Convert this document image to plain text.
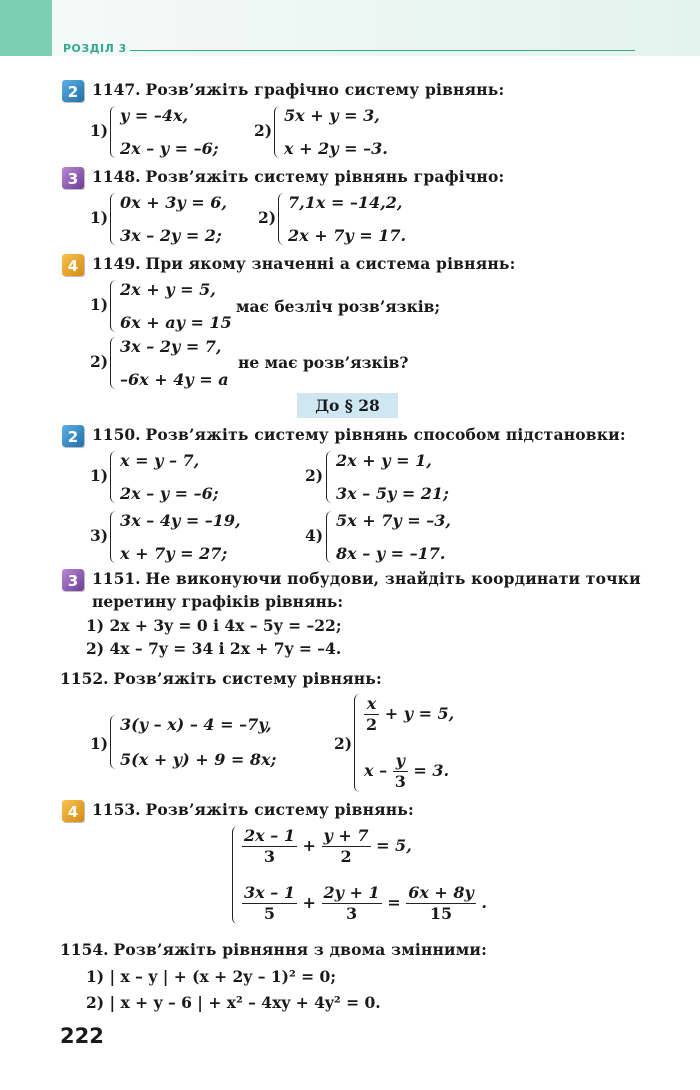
РОЗДІЛ 3
2 1147. Розв’яжіть графічно систему рівнянь:
1)
y = –4x,
2x – y = –6;
2)
5x + y = 3,
x + 2y = –3.
3 1148. Розв’яжіть систему рівнянь графічно:
1)
0x + 3y = 6,
3x – 2y = 2;
2)
7,1x = –14,2,
2x + 7y = 17.
4 1149. При якому значенні a система рівнянь:
1)
2x + y = 5,
6x + ay = 15
має безліч розв’язків;
2)
3x – 2y = 7,
–6x + 4y = a
не має розв’язків?
До § 28
2 1150. Розв’яжіть систему рівнянь способом підстановки:
1)
x = y – 7,
2x – y = –6;
2)
2x + y = 1,
3x – 5y = 21;
3)
3x – 4y = –19,
x + 7y = 27;
4)
5x + 7y = –3,
8x – y = –17.
3 1151. Не виконуючи побудови, знайдіть координати точки
перетину графіків рівнянь:
1) 2x + 3y = 0 і 4x – 5y = –22;
2) 4x – 7y = 34 і 2x + 7y = –4.
1152. Розв’яжіть систему рівнянь:
1)
3(y – x) – 4 = –7y,
5(x + y) + 9 = 8x;
2)
$\frac{x}{2} + y = 5$,
$x - \frac{y}{3} = 3$.
4 1153. Розв’яжіть систему рівнянь:
$\frac{2x - 1}{3} + \frac{y + 7}{2} = 5$,
$\frac{3x - 1}{5} + \frac{2y + 1}{3} = \frac{6x + 8y}{15}$ .
1154. Розв’яжіть рівняння з двома змінними:
1) | x – y | + (x + 2y – 1)² = 0;
2) | x + y – 6 | + x² – 4xy + 4y² = 0.
222
